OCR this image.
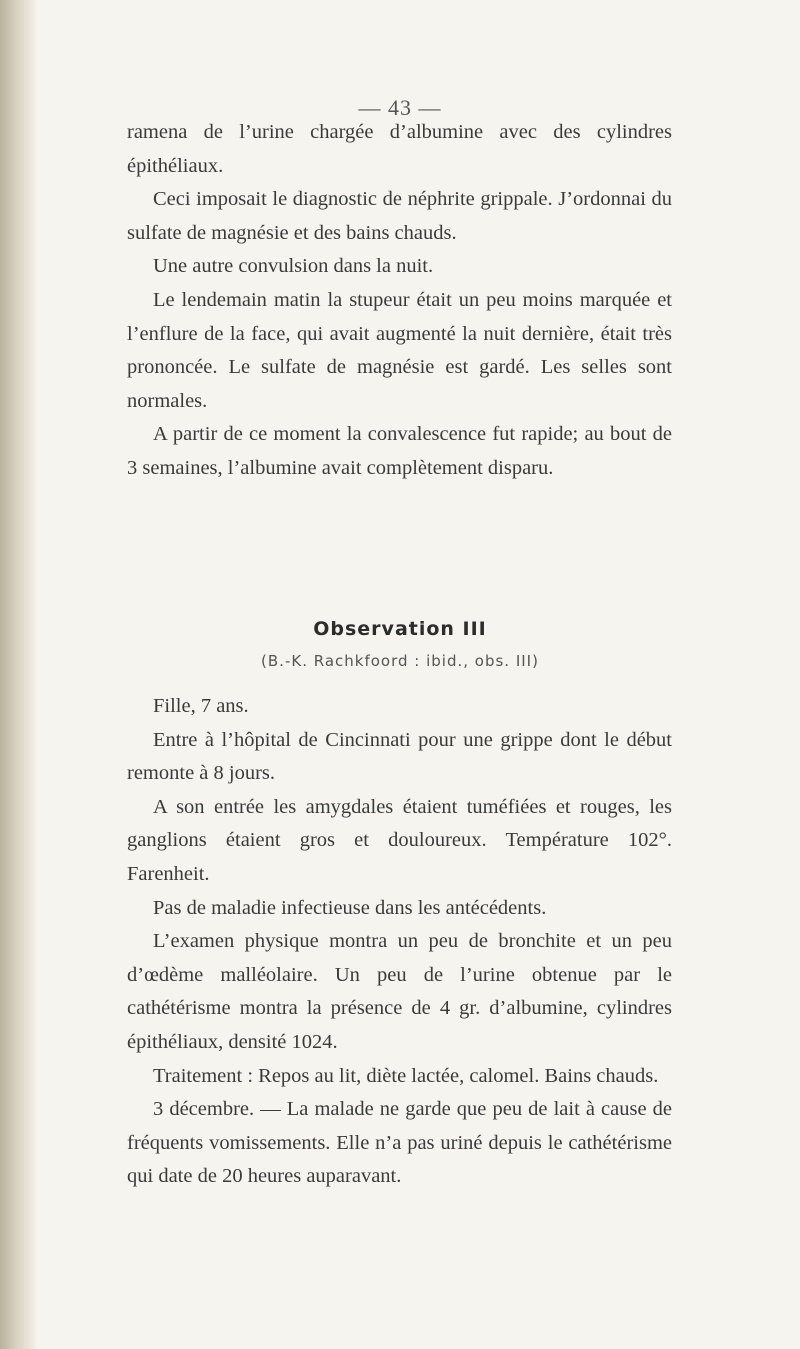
— 43 —

ramena de l’urine chargée d’albumine avec des cylindres épithéliaux.

Ceci imposait le diagnostic de néphrite grippale. J’ordonnai du sulfate de magnésie et des bains chauds.

Une autre convulsion dans la nuit.

Le lendemain matin la stupeur était un peu moins marquée et l’enflure de la face, qui avait augmenté la nuit dernière, était très prononcée. Le sulfate de magnésie est gardé. Les selles sont normales.

A partir de ce moment la convalescence fut rapide; au bout de 3 semaines, l’albumine avait complètement disparu.

Observation III
(B.-K. Rachkfoord : ibid., obs. III)

Fille, 7 ans.

Entre à l’hôpital de Cincinnati pour une grippe dont le début remonte à 8 jours.

A son entrée les amygdales étaient tuméfiées et rouges, les ganglions étaient gros et douloureux. Température 102°. Farenheit.

Pas de maladie infectieuse dans les antécédents.

L’examen physique montra un peu de bronchite et un peu d’œdème malléolaire. Un peu de l’urine obtenue par le cathétérisme montra la présence de 4 gr. d’albumine, cylindres épithéliaux, densité 1024.

Traitement : Repos au lit, diète lactée, calomel. Bains chauds.

3 décembre. — La malade ne garde que peu de lait à cause de fréquents vomissements. Elle n’a pas uriné depuis le cathétérisme qui date de 20 heures auparavant.
